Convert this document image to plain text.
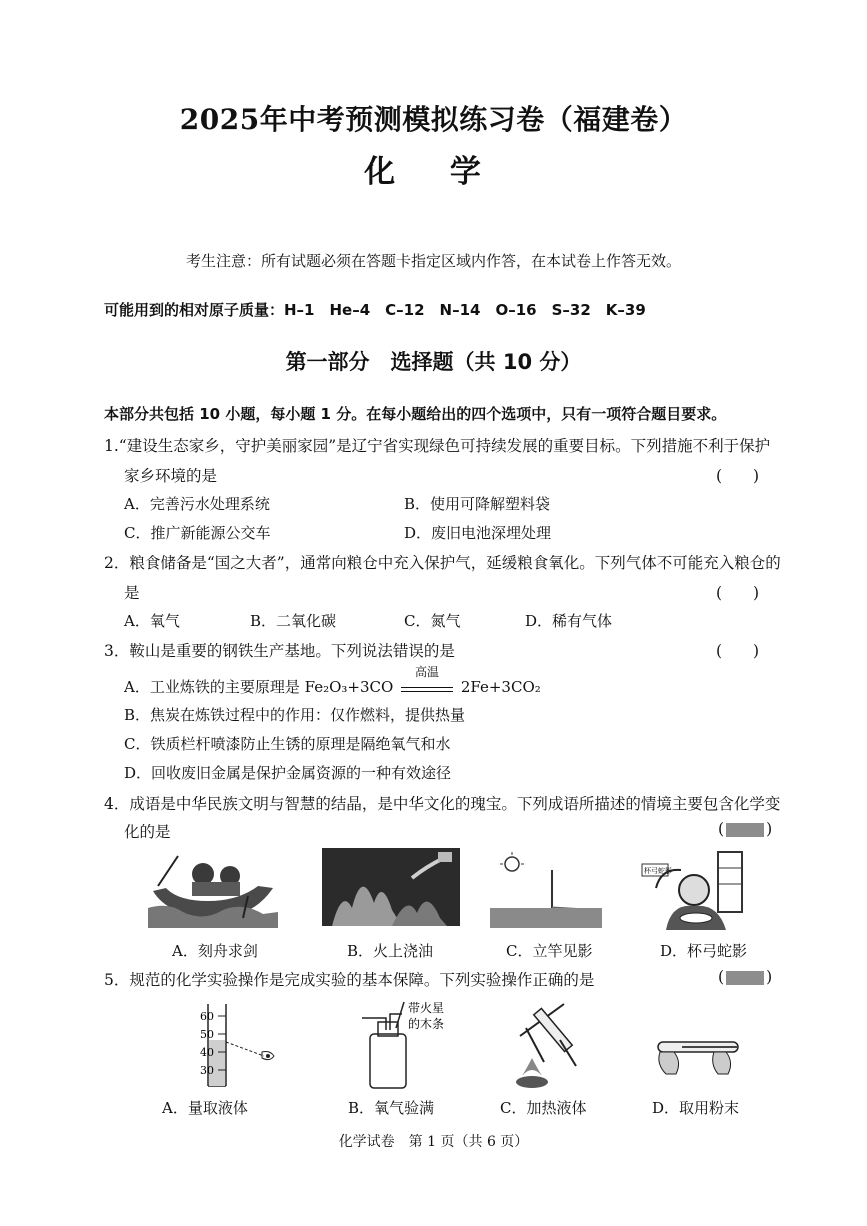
2025年中考预测模拟练习卷（福建卷）
化 学
考生注意：所有试题必须在答题卡指定区域内作答，在本试卷上作答无效。
可能用到的相对原子质量：H–1　He–4　C–12　N–14　O–16　S–32　K–39
第一部分　选择题（共 10 分）
本部分共包括 10 小题，每小题 1 分。在每小题给出的四个选项中，只有一项符合题目要求。
1.“建设生态家乡，守护美丽家园”是辽宁省实现绿色可持续发展的重要目标。下列措施不利于保护
家乡环境的是	(　　)
A．完善污水处理系统	B．使用可降解塑料袋
C．推广新能源公交车	D．废旧电池深埋处理
2．粮食储备是“国之大者”，通常向粮仓中充入保护气，延缓粮食氧化。下列气体不可能充入粮仓的
是	(　　)
A．氧气	B．二氧化碳	C．氮气	D．稀有气体
3．鞍山是重要的钢铁生产基地。下列说法错误的是	(　　)
A．工业炼铁的主要原理是 Fe₂O₃+3CO
高温
2Fe+3CO₂
B．焦炭在炼铁过程中的作用：仅作燃料，提供热量
C．铁质栏杆喷漆防止生锈的原理是隔绝氧气和水
D．回收废旧金属是保护金属资源的一种有效途径
4．成语是中华民族文明与智慧的结晶，是中华文化的瑰宝。下列成语所描述的情境主要包含化学变
化的是	(	)
杯弓蛇影
A．刻舟求剑	B．火上浇油	C．立竿见影	D．杯弓蛇影
5．规范的化学实验操作是完成实验的基本保障。下列实验操作正确的是	(	)
60
50
40
30
带火星
的木条
A．量取液体	B．氧气验满	C．加热液体	D．取用粉末
化学试卷　第 1 页（共 6 页）
